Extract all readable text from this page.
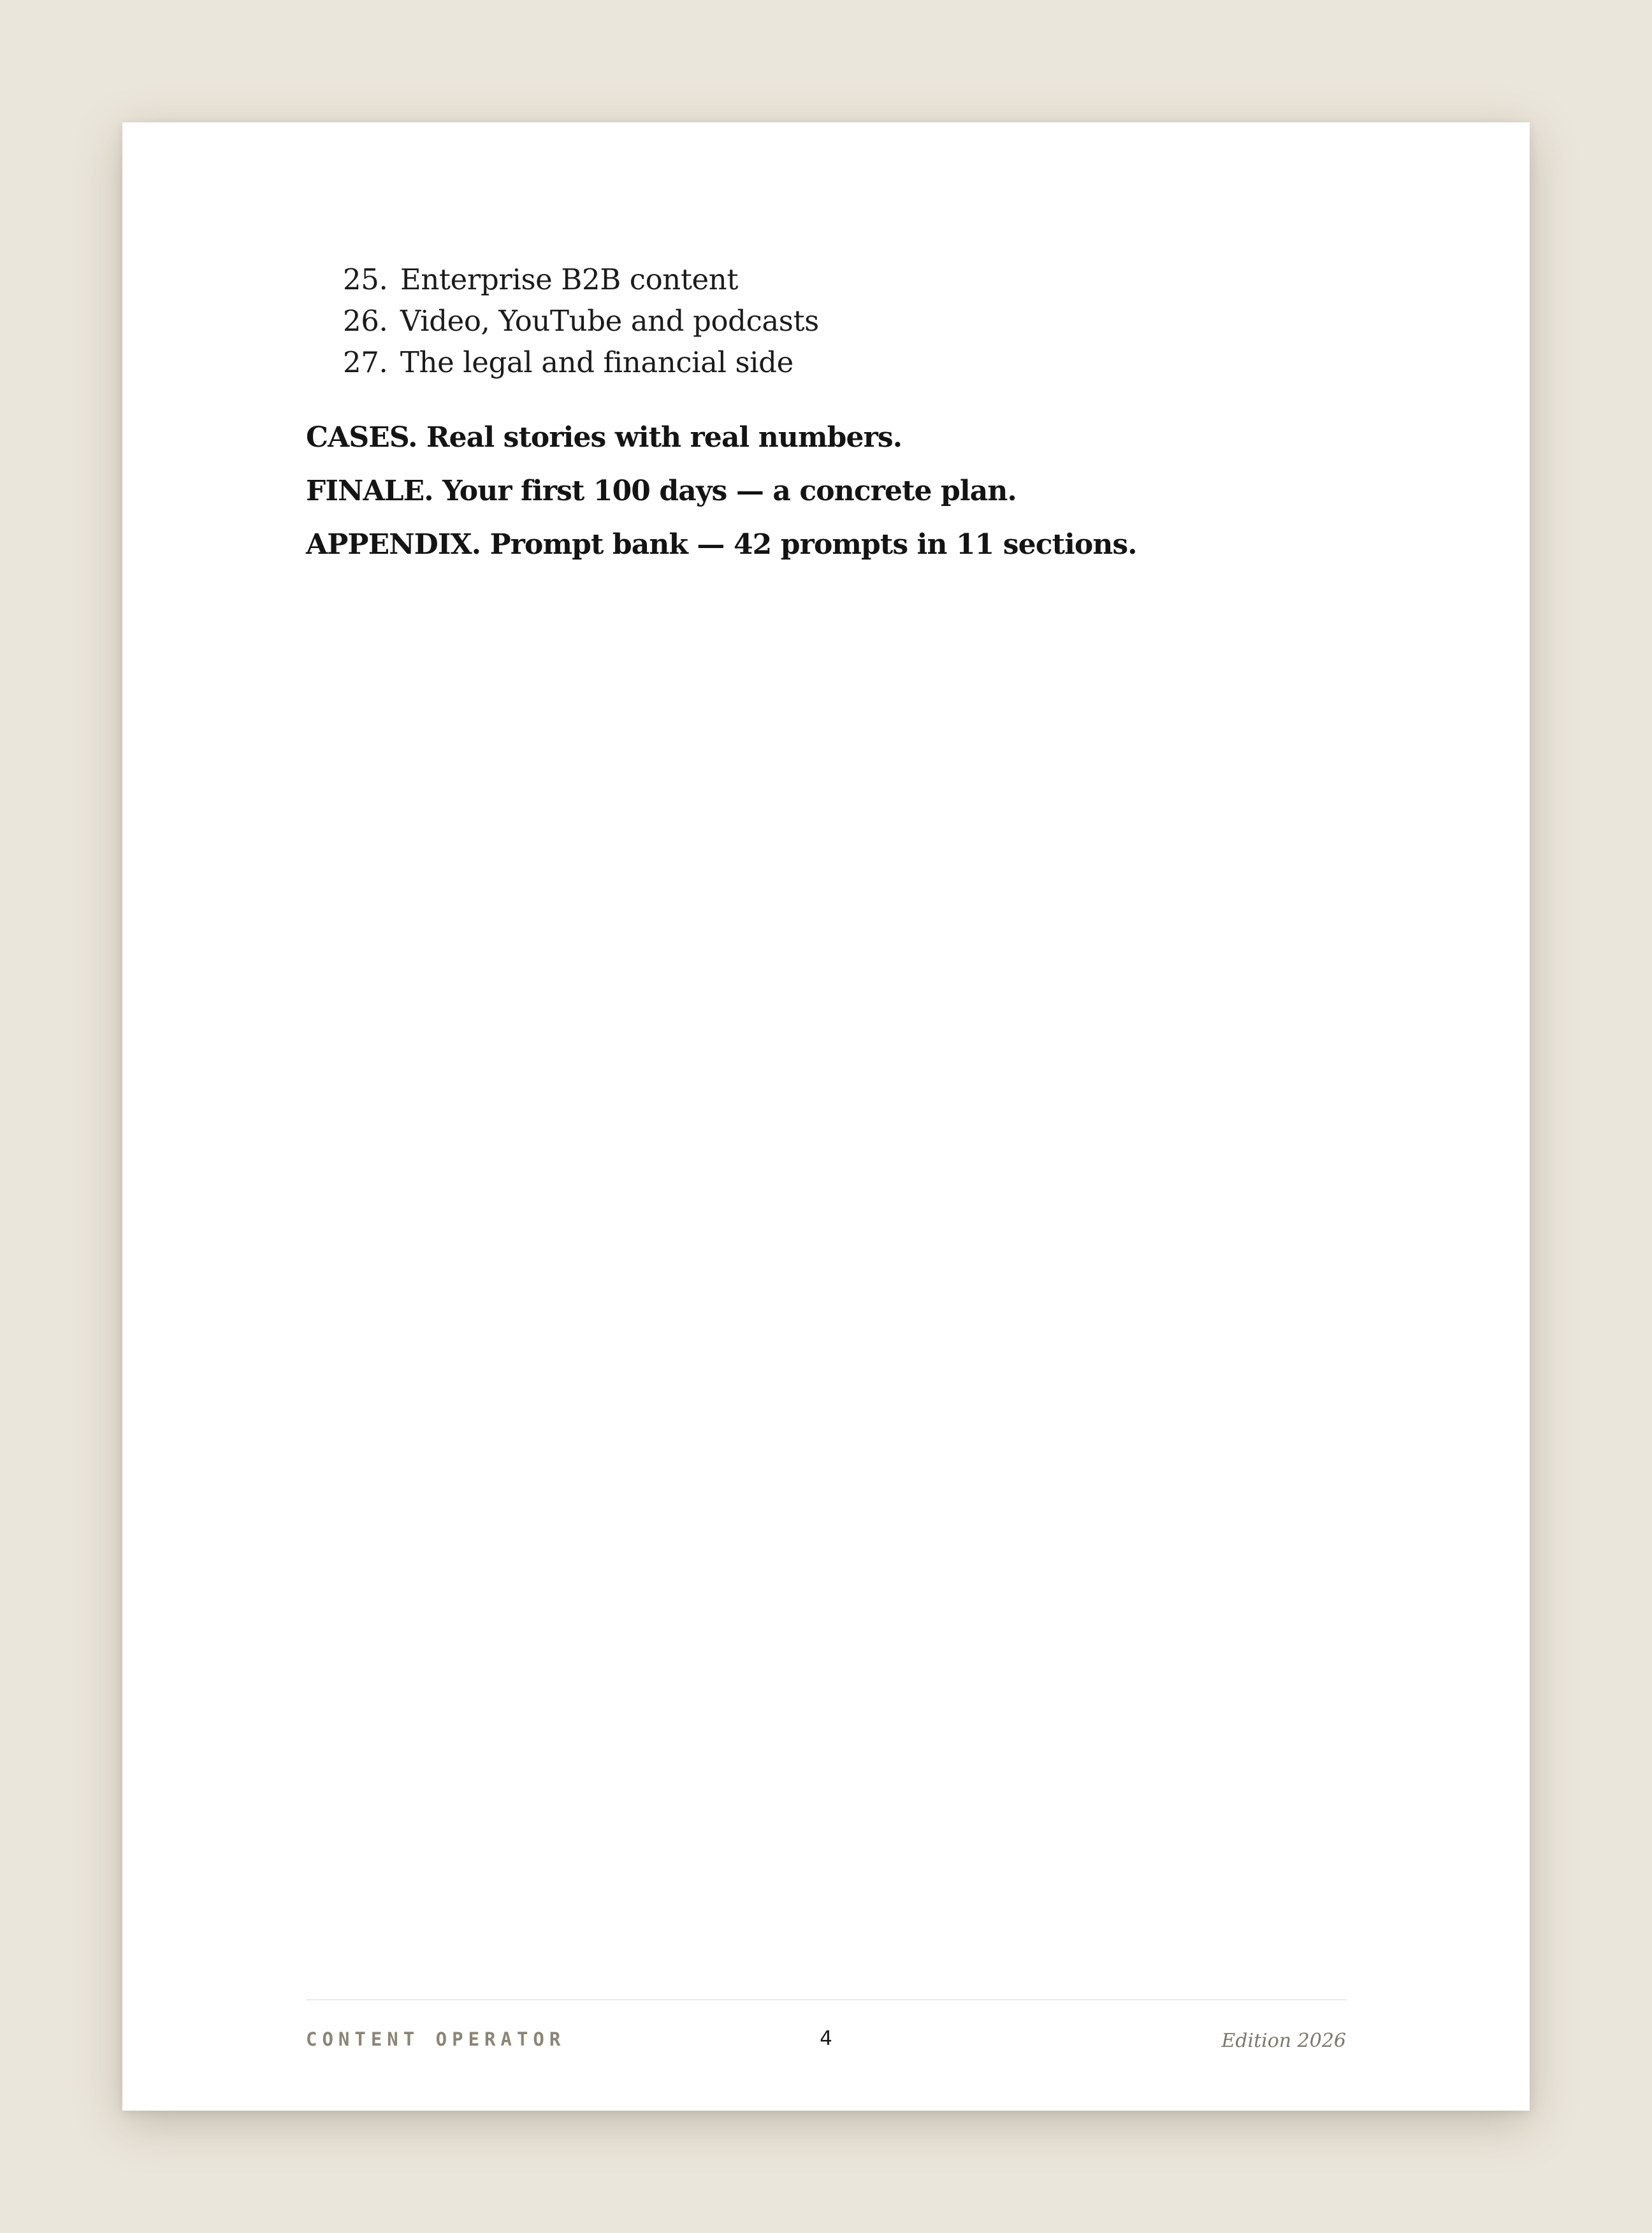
25. Enterprise B2B content
26. Video, YouTube and podcasts
27. The legal and financial side

CASES. Real stories with real numbers.

FINALE. Your first 100 days — a concrete plan.

APPENDIX. Prompt bank — 42 prompts in 11 sections.

CONTENT OPERATOR	4	Edition 2026
